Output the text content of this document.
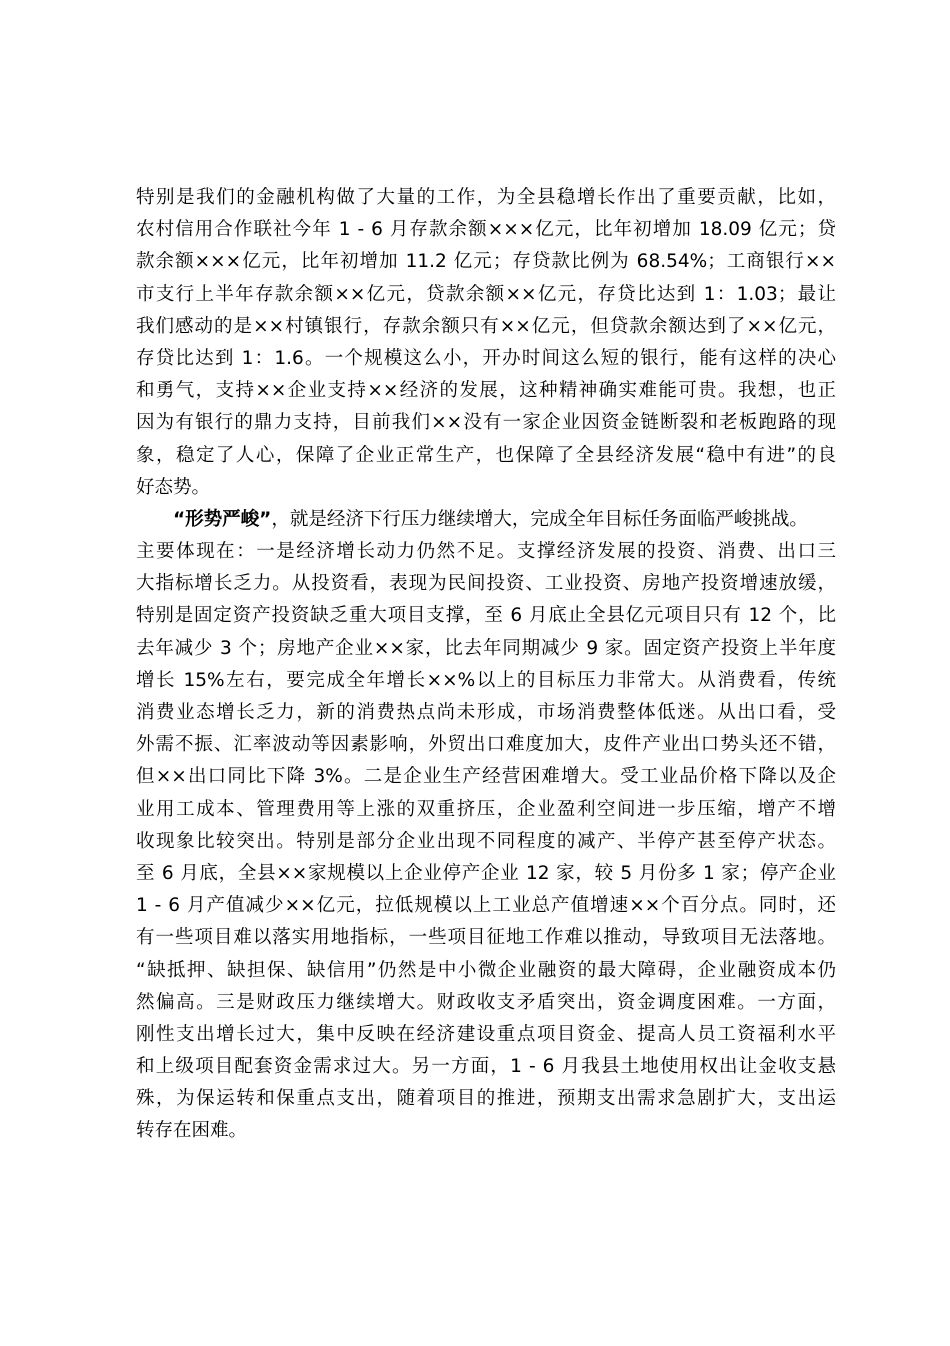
特别是我们的金融机构做了大量的工作，为全县稳增长作出了重要贡献，比如，
农村信用合作联社今年 1 - 6 月存款余额×××亿元，比年初增加 18.09 亿元；贷
款余额×××亿元，比年初增加 11.2 亿元；存贷款比例为 68.54%；工商银行××
市支行上半年存款余额××亿元，贷款余额××亿元，存贷比达到 1：1.03；最让
我们感动的是××村镇银行，存款余额只有××亿元，但贷款余额达到了××亿元，
存贷比达到 1：1.6。一个规模这么小，开办时间这么短的银行，能有这样的决心
和勇气，支持××企业支持××经济的发展，这种精神确实难能可贵。我想，也正
因为有银行的鼎力支持，目前我们××没有一家企业因资金链断裂和老板跑路的现
象，稳定了人心，保障了企业正常生产，也保障了全县经济发展“稳中有进”的良
好态势。
“形势严峻”，就是经济下行压力继续增大，完成全年目标任务面临严峻挑战。
主要体现在：一是经济增长动力仍然不足。支撑经济发展的投资、消费、出口三
大指标增长乏力。从投资看，表现为民间投资、工业投资、房地产投资增速放缓，
特别是固定资产投资缺乏重大项目支撑，至 6 月底止全县亿元项目只有 12 个，比
去年减少 3 个；房地产企业××家，比去年同期减少 9 家。固定资产投资上半年度
增长 15%左右，要完成全年增长××%以上的目标压力非常大。从消费看，传统
消费业态增长乏力，新的消费热点尚未形成，市场消费整体低迷。从出口看，受
外需不振、汇率波动等因素影响，外贸出口难度加大，皮件产业出口势头还不错，
但××出口同比下降 3%。二是企业生产经营困难增大。受工业品价格下降以及企
业用工成本、管理费用等上涨的双重挤压，企业盈利空间进一步压缩，增产不增
收现象比较突出。特别是部分企业出现不同程度的减产、半停产甚至停产状态。
至 6 月底，全县××家规模以上企业停产企业 12 家，较 5 月份多 1 家；停产企业
1 - 6 月产值减少××亿元，拉低规模以上工业总产值增速××个百分点。同时，还
有一些项目难以落实用地指标，一些项目征地工作难以推动，导致项目无法落地。
“缺抵押、缺担保、缺信用”仍然是中小微企业融资的最大障碍，企业融资成本仍
然偏高。三是财政压力继续增大。财政收支矛盾突出，资金调度困难。一方面，
刚性支出增长过大，集中反映在经济建设重点项目资金、提高人员工资福利水平
和上级项目配套资金需求过大。另一方面，1 - 6 月我县土地使用权出让金收支悬
殊，为保运转和保重点支出，随着项目的推进，预期支出需求急剧扩大，支出运
转存在困难。
